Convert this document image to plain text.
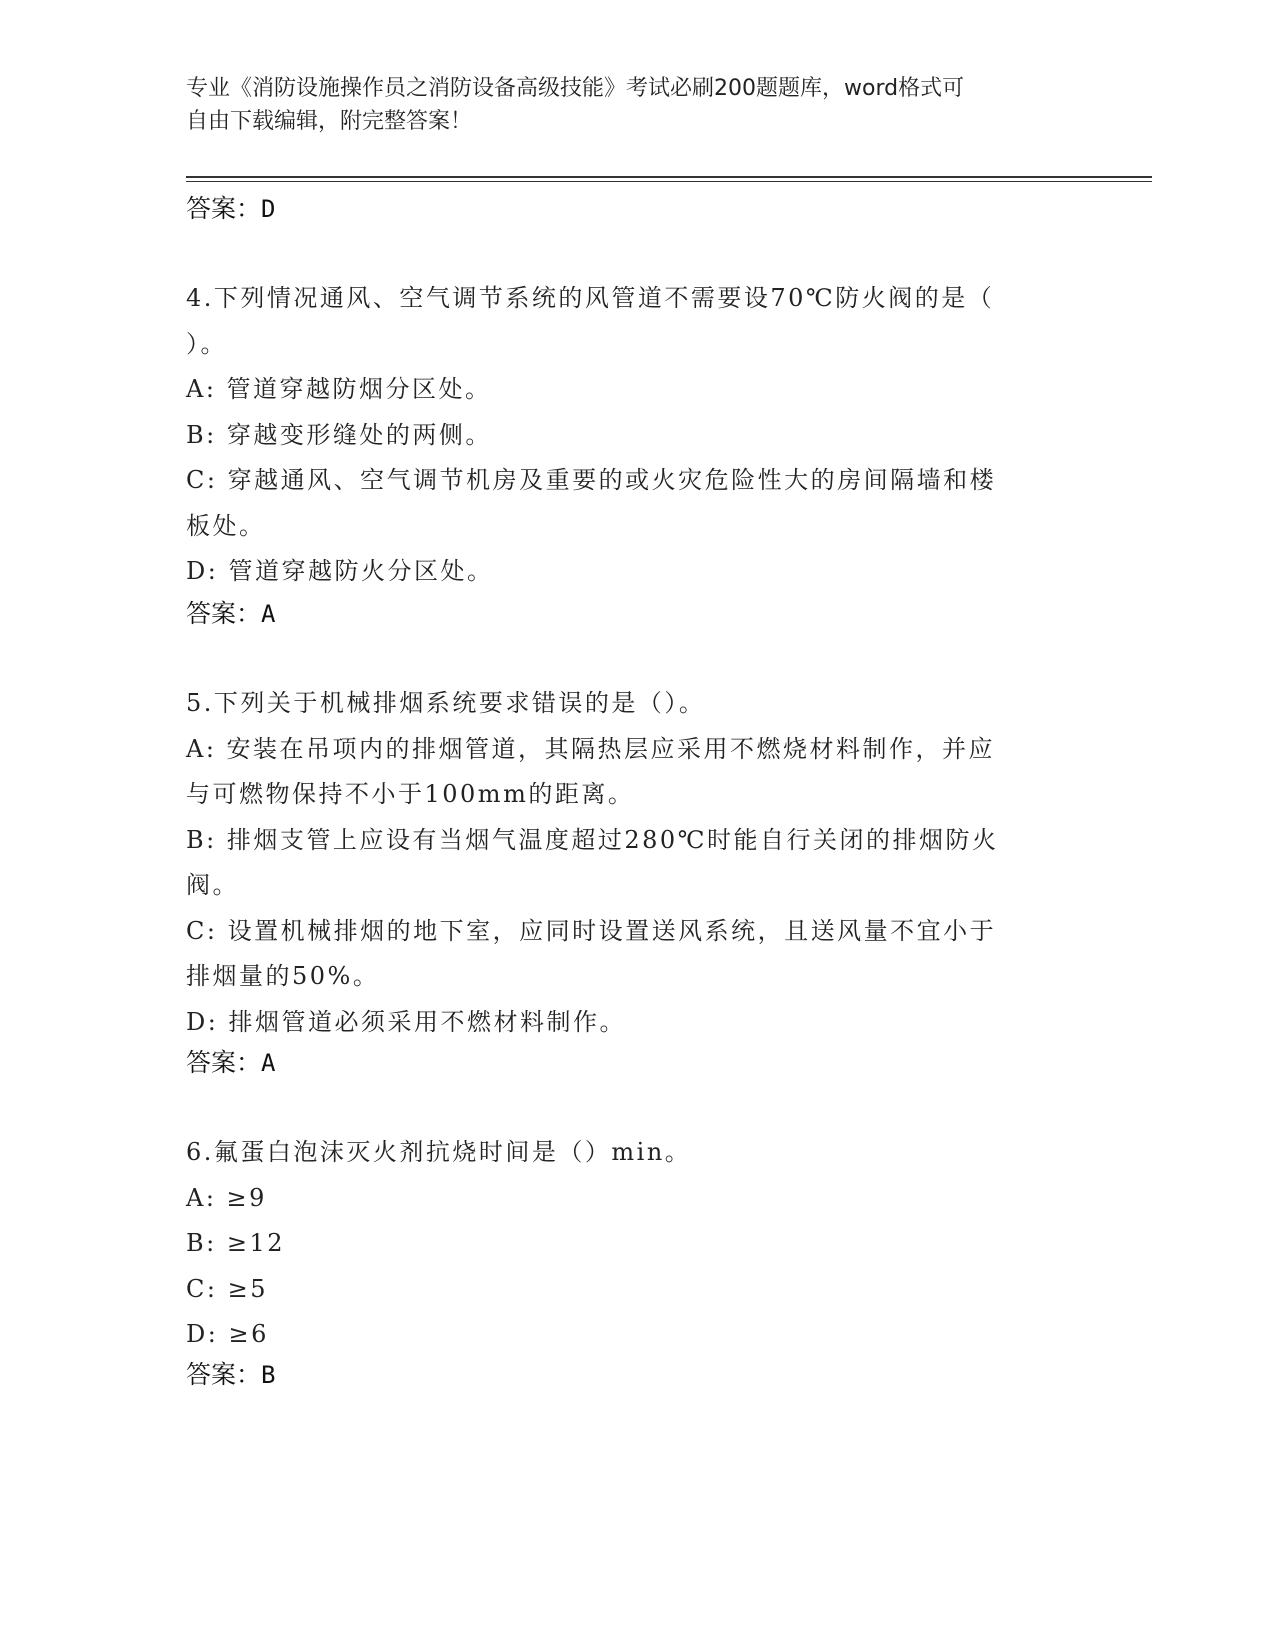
专业《消防设施操作员之消防设备高级技能》考试必刷200题题库，word格式可
自由下载编辑，附完整答案！
答案：D
4.下列情况通风、空气调节系统的风管道不需要设70℃防火阀的是（
）。
A: 管道穿越防烟分区处。
B: 穿越变形缝处的两侧。
C: 穿越通风、空气调节机房及重要的或火灾危险性大的房间隔墙和楼
板处。
D: 管道穿越防火分区处。
答案：A
5.下列关于机械排烟系统要求错误的是（）。
A: 安装在吊项内的排烟管道，其隔热层应采用不燃烧材料制作，并应
与可燃物保持不小于100mm的距离。
B: 排烟支管上应设有当烟气温度超过280℃时能自行关闭的排烟防火
阀。
C: 设置机械排烟的地下室，应同时设置送风系统，且送风量不宜小于
排烟量的50%。
D: 排烟管道必须采用不燃材料制作。
答案：A
6.氟蛋白泡沫灭火剂抗烧时间是（）min。
A: ≥9
B: ≥12
C: ≥5
D: ≥6
答案：B
